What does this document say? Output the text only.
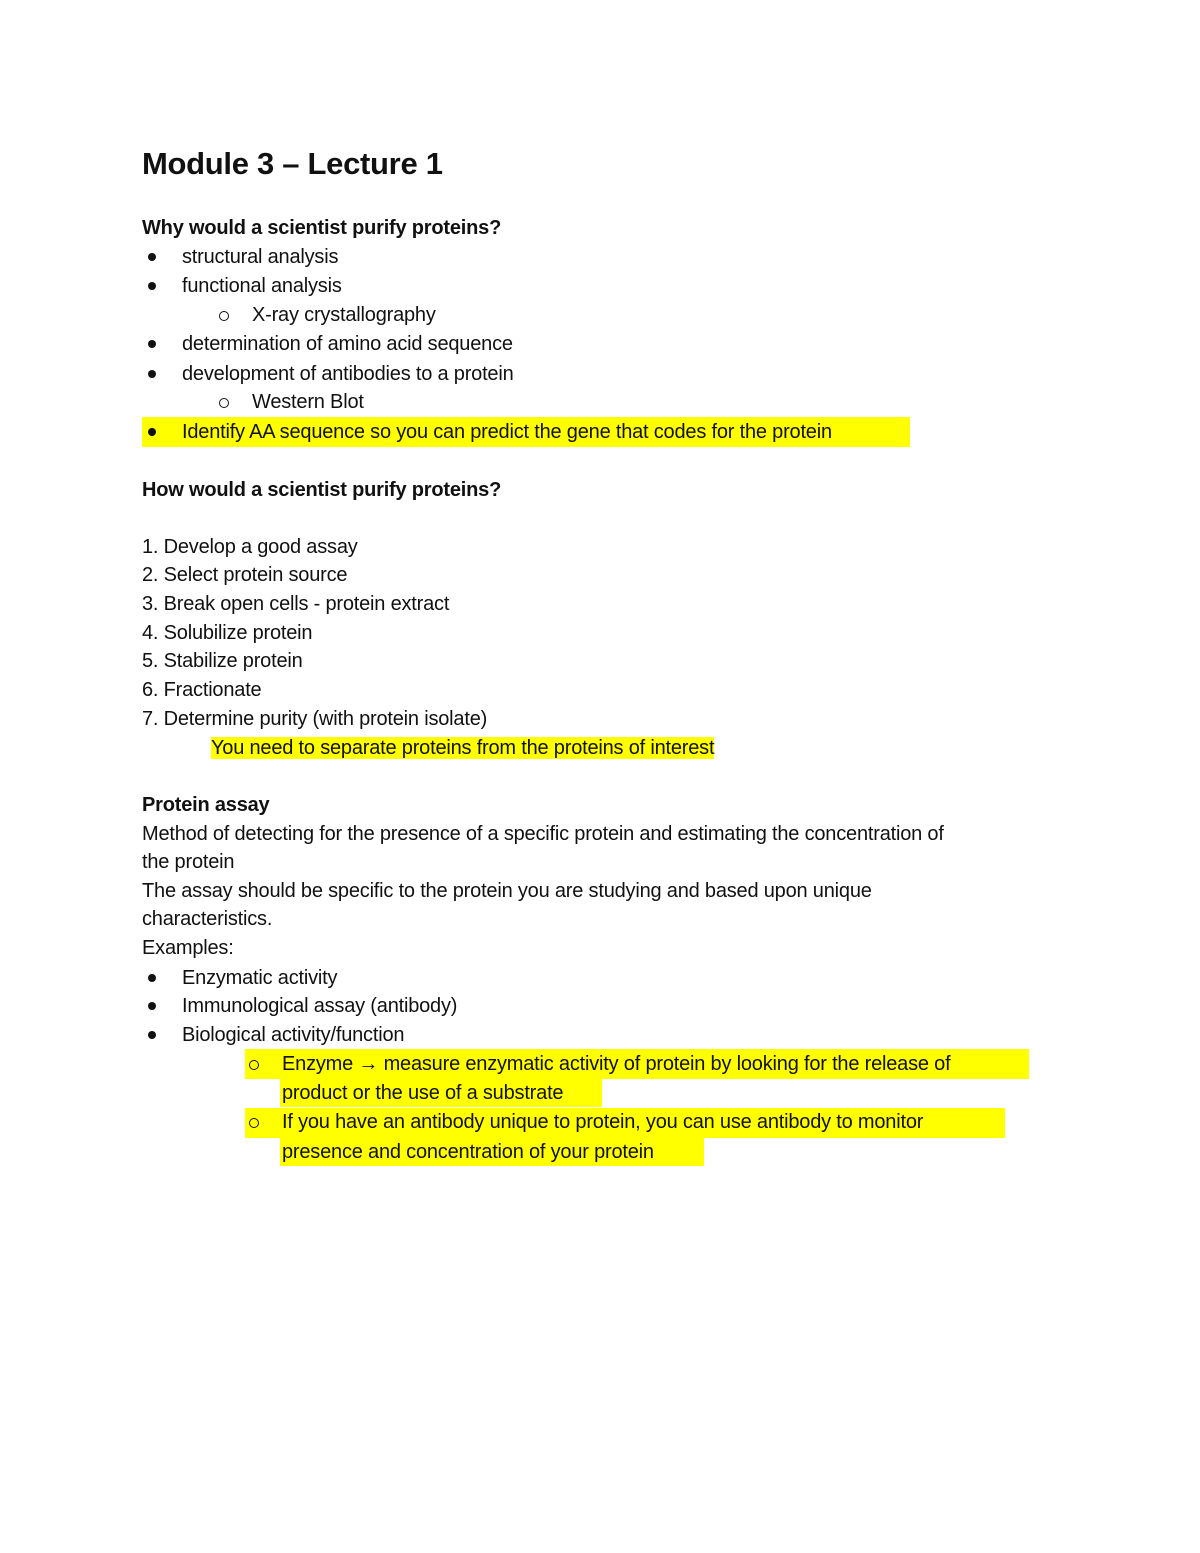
Module 3 – Lecture 1
Why would a scientist purify proteins?
structural analysis
functional analysis
X-ray crystallography
determination of amino acid sequence
development of antibodies to a protein
Western Blot
Identify AA sequence so you can predict the gene that codes for the protein
How would a scientist purify proteins?
1. Develop a good assay
2. Select protein source
3. Break open cells - protein extract
4. Solubilize protein
5. Stabilize protein
6. Fractionate
7. Determine purity (with protein isolate)
You need to separate proteins from the proteins of interest
Protein assay
Method of detecting for the presence of a specific protein and estimating the concentration of
the protein
The assay should be specific to the protein you are studying and based upon unique
characteristics.
Examples:
Enzymatic activity
Immunological assay (antibody)
Biological activity/function
Enzyme → measure enzymatic activity of protein by looking for the release of
product or the use of a substrate
If you have an antibody unique to protein, you can use antibody to monitor
presence and concentration of your protein
